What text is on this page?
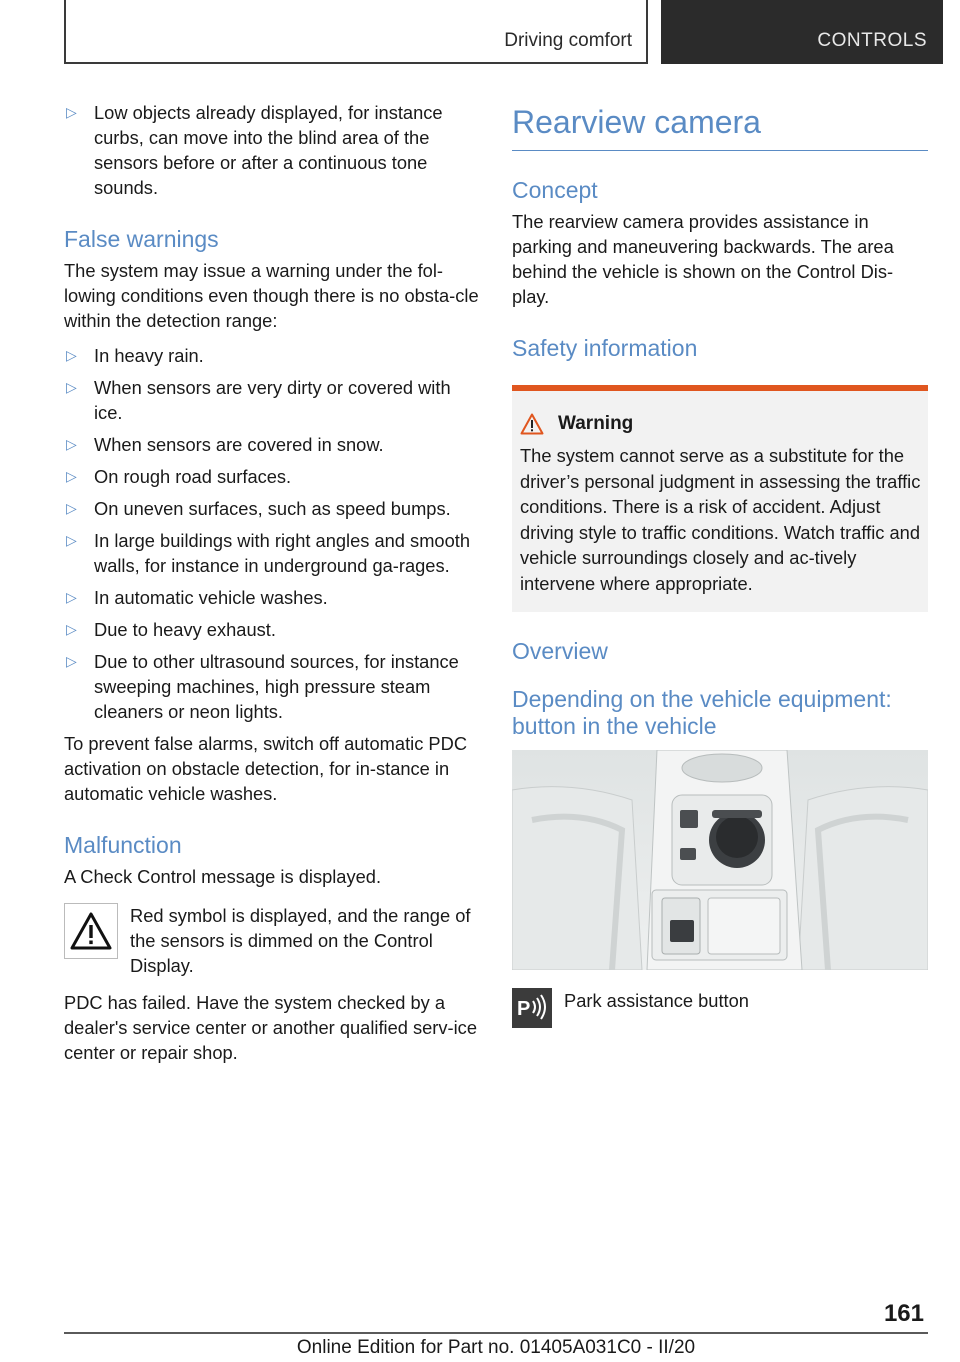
Driving comfort	CONTROLS
▷ Low objects already displayed, for instance curbs, can move into the blind area of the sensors before or after a continuous tone sounds.
False warnings

The system may issue a warning under the fol-lowing conditions even though there is no obsta-cle within the detection range:

▷ In heavy rain.
▷ When sensors are very dirty or covered with ice.
▷ When sensors are covered in snow.
▷ On rough road surfaces.
▷ On uneven surfaces, such as speed bumps.
▷ In large buildings with right angles and smooth walls, for instance in underground ga-rages.
▷ In automatic vehicle washes.
▷ Due to heavy exhaust.
▷ Due to other ultrasound sources, for instance sweeping machines, high pressure steam cleaners or neon lights.

To prevent false alarms, switch off automatic PDC activation on obstacle detection, for in-stance in automatic vehicle washes.

Malfunction

A Check Control message is displayed.

Red symbol is displayed, and the range of the sensors is dimmed on the Control Display.

PDC has failed. Have the system checked by a dealer's service center or another qualified serv-ice center or repair shop.

Rearview camera
Concept

The rearview camera provides assistance in parking and maneuvering backwards. The area behind the vehicle is shown on the Control Dis-play.

Safety information
Warning
The system cannot serve as a substitute for the driver’s personal judgment in assessing the traffic conditions. There is a risk of accident. Adjust driving style to traffic conditions. Watch traffic and vehicle surroundings closely and ac-tively intervene where appropriate.
Overview
Depending on the vehicle equipment: button in the vehicle
P Park assistance button
161
Online Edition for Part no. 01405A031C0 - II/20
